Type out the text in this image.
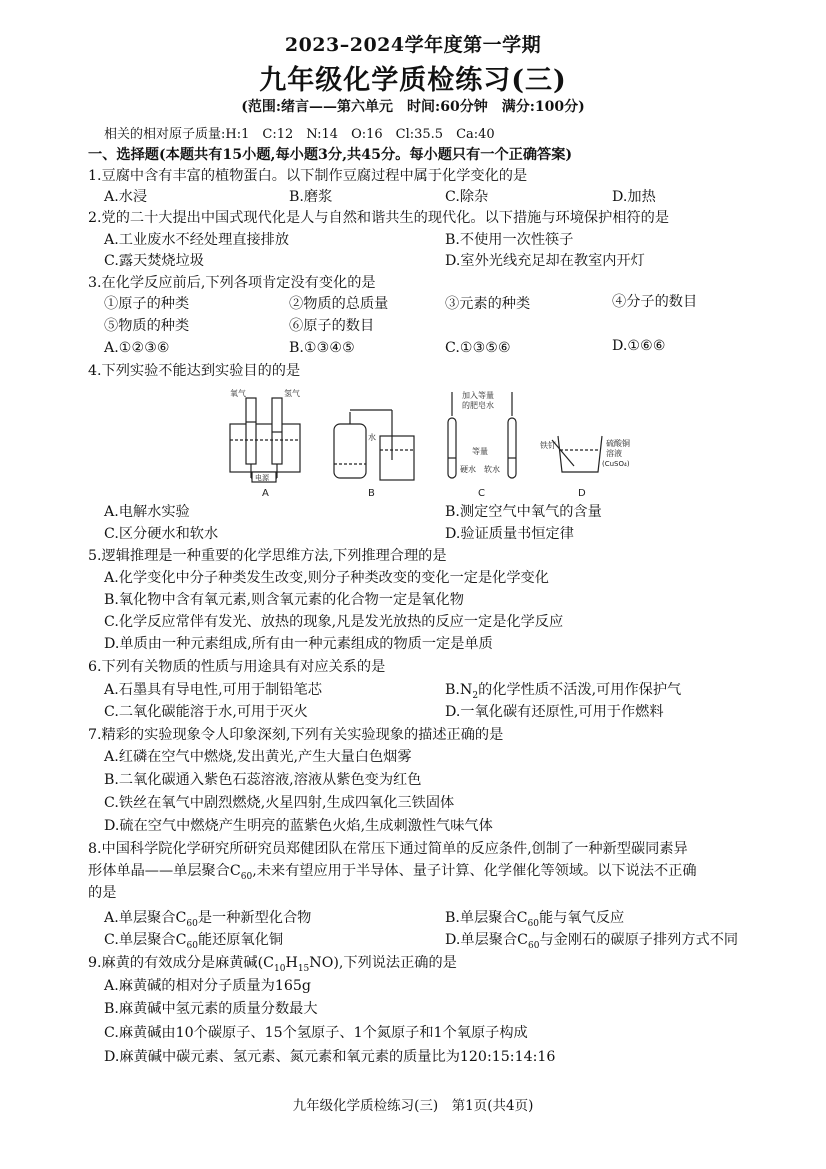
2023–2024学年度第一学期
九年级化学质检练习(三)
(范围:绪言——第六单元　时间:60分钟　满分:100分)
相关的相对原子质量:H:1　C:12　N:14　O:16　Cl:35.5　Ca:40
一、选择题(本题共有15小题,每小题3分,共45分。每小题只有一个正确答案)
1.豆腐中含有丰富的植物蛋白。以下制作豆腐过程中属于化学变化的是
A.水浸	B.磨浆	C.除杂	D.加热
2.党的二十大提出中国式现代化是人与自然和谐共生的现代化。以下措施与环境保护相符的是
A.工业废水不经处理直接排放	B.不使用一次性筷子
C.露天焚烧垃圾	D.室外光线充足却在教室内开灯
3.在化学反应前后,下列各项肯定没有变化的是
①原子的种类	②物质的总质量	③元素的种类	④分子的数目
⑤物质的种类	⑥原子的数目
A.①②③⑥	B.①③④⑤	C.①③⑤⑥	D.①⑥⑥
4.下列实验不能达到实验目的的是
氧气	氢气
电源
A
水
B
加入等量
的肥皂水
等量
硬水 软水
C
铁钉	硫酸铜
溶液
(CuSO₄)
D
A.电解水实验	B.测定空气中氧气的含量
C.区分硬水和软水	D.验证质量书恒定律
5.逻辑推理是一种重要的化学思维方法,下列推理合理的是
A.化学变化中分子种类发生改变,则分子种类改变的变化一定是化学变化
B.氧化物中含有氧元素,则含氧元素的化合物一定是氧化物
C.化学反应常伴有发光、放热的现象,凡是发光放热的反应一定是化学反应
D.单质由一种元素组成,所有由一种元素组成的物质一定是单质
6.下列有关物质的性质与用途具有对应关系的是
A.石墨具有导电性,可用于制铅笔芯	$B.N_2$的化学性质不活泼,可用作保护气
C.二氧化碳能溶于水,可用于灭火	D.一氧化碳有还原性,可用于作燃料
7.精彩的实验现象令人印象深刻,下列有关实验现象的描述正确的是
A.红磷在空气中燃烧,发出黄光,产生大量白色烟雾
B.二氧化碳通入紫色石蕊溶液,溶液从紫色变为红色
C.铁丝在氧气中剧烈燃烧,火星四射,生成四氧化三铁固体
D.硫在空气中燃烧产生明亮的蓝紫色火焰,生成刺激性气味气体
8.中国科学院化学研究所研究员郑健团队在常压下通过简单的反应条件,创制了一种新型碳同素异
形体单晶——单层聚合$C_{60}$,未来有望应用于半导体、量子计算、化学催化等领域。以下说法不正确
的是
A.单层聚合$C_{60}$是一种新型化合物	B.单层聚合$C_{60}$能与氧气反应
C.单层聚合$C_{60}$能还原氧化铜	D.单层聚合$C_{60}$与金刚石的碳原子排列方式不同
9.麻黄的有效成分是麻黄碱$(C_{10}H_{15}NO)$,下列说法正确的是
A.麻黄碱的相对分子质量为165g
B.麻黄碱中氢元素的质量分数最大
C.麻黄碱由10个碳原子、15个氢原子、1个氮原子和1个氧原子构成
D.麻黄碱中碳元素、氢元素、氮元素和氧元素的质量比为120:15:14:16
九年级化学质检练习(三)　第1页(共4页)
